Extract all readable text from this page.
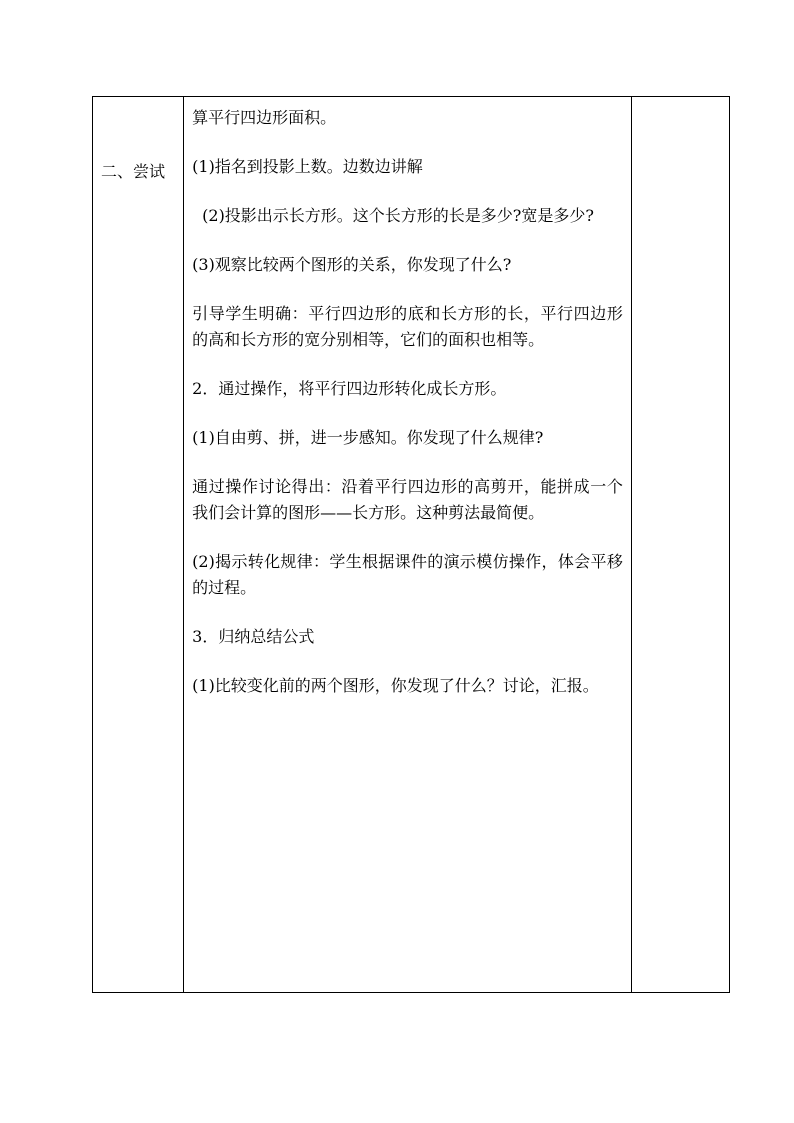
二、尝试

算平行四边形面积。

(1)指名到投影上数。边数边讲解

(2)投影出示长方形。这个长方形的长是多少?宽是多少?

(3)观察比较两个图形的关系，你发现了什么?

引导学生明确：平行四边形的底和长方形的长，平行四边形的高和长方形的宽分别相等，它们的面积也相等。

2．通过操作，将平行四边形转化成长方形。

(1)自由剪、拼，进一步感知。你发现了什么规律?

通过操作讨论得出：沿着平行四边形的高剪开，能拼成一个我们会计算的图形——长方形。这种剪法最简便。

(2)揭示转化规律：学生根据课件的演示模仿操作，体会平移的过程。

3．归纳总结公式

(1)比较变化前的两个图形，你发现了什么？讨论，汇报。
